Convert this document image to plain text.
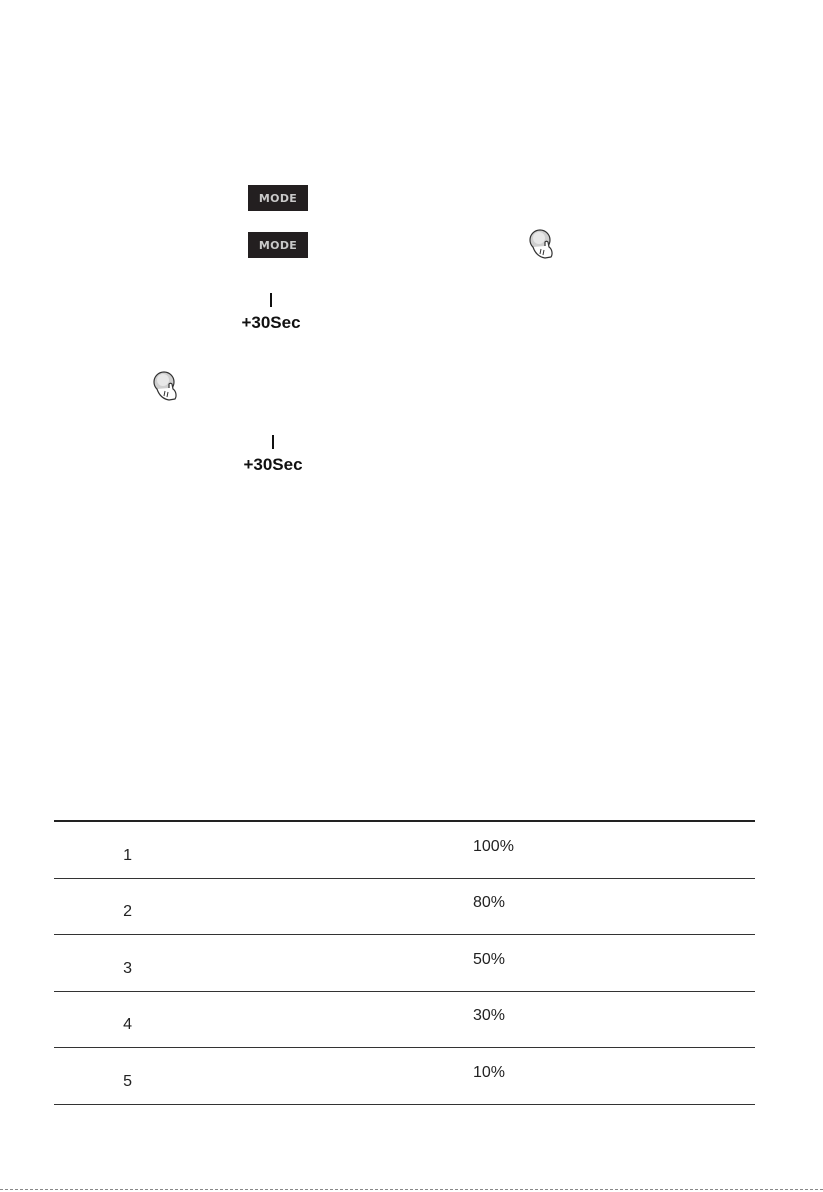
MODE
MODE
+30Sec
+30Sec
1	100%
2	80%
3	50%
4	30%
5	10%
